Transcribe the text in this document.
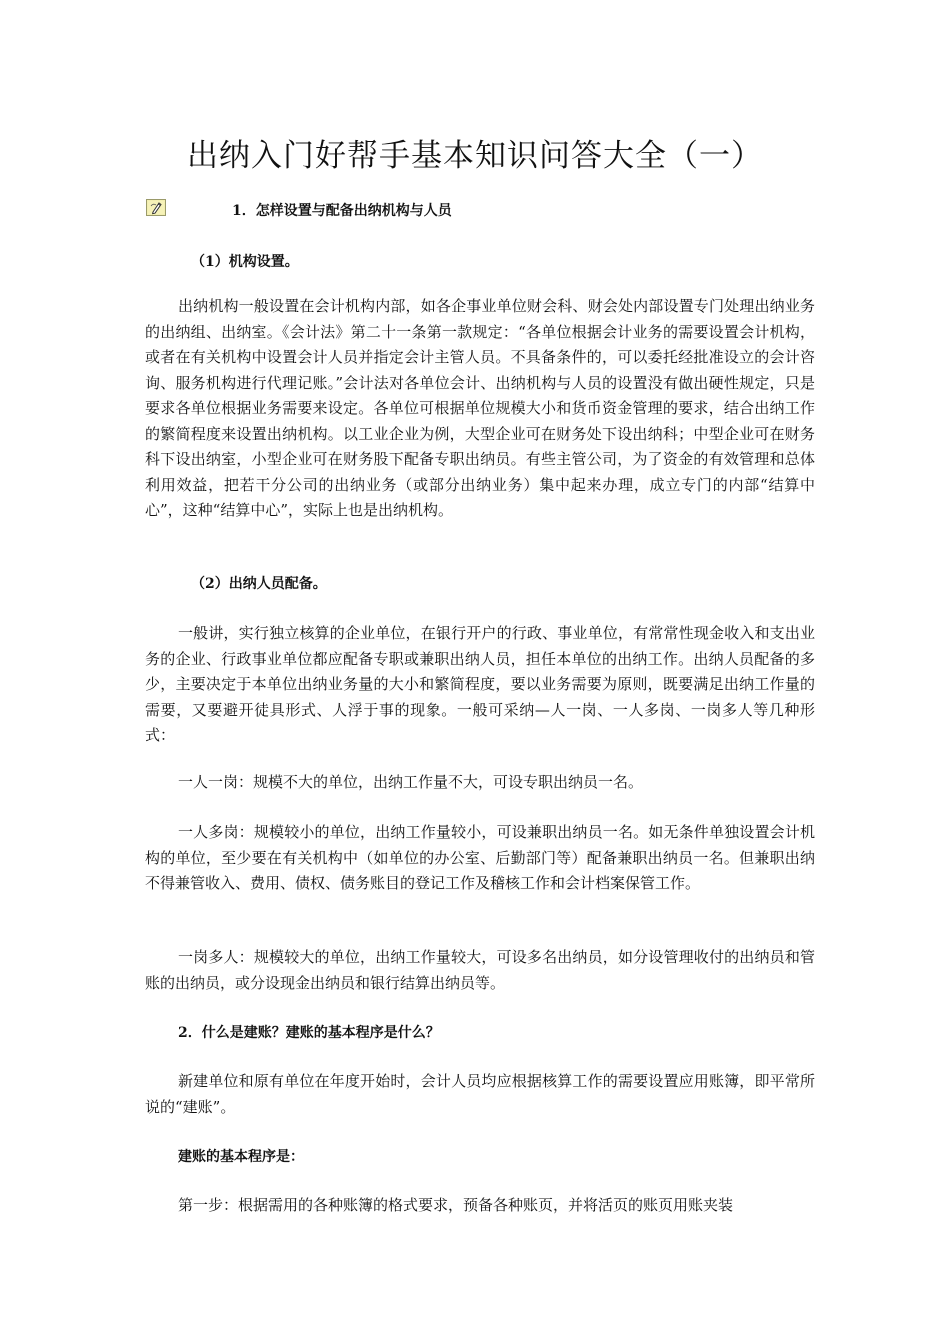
出纳入门好帮手基本知识问答大全（一）
1．怎样设置与配备出纳机构与人员
（1）机构设置。

出纳机构一般设置在会计机构内部，如各企事业单位财会科、财会处内部设置专门处理出纳业务的出纳组、出纳室。《会计法》第二十一条第一款规定：“各单位根据会计业务的需要设置会计机构，或者在有关机构中设置会计人员并指定会计主管人员。不具备条件的，可以委托经批准设立的会计咨询、服务机构进行代理记账。”会计法对各单位会计、出纳机构与人员的设置没有做出硬性规定，只是要求各单位根据业务需要来设定。各单位可根据单位规模大小和货币资金管理的要求，结合出纳工作的繁简程度来设置出纳机构。以工业企业为例，大型企业可在财务处下设出纳科；中型企业可在财务科下设出纳室，小型企业可在财务股下配备专职出纳员。有些主管公司，为了资金的有效管理和总体利用效益，把若干分公司的出纳业务（或部分出纳业务）集中起来办理，成立专门的内部“结算中心”，这种“结算中心”，实际上也是出纳机构。

（2）出纳人员配备。

一般讲，实行独立核算的企业单位，在银行开户的行政、事业单位，有常常性现金收入和支出业务的企业、行政事业单位都应配备专职或兼职出纳人员，担任本单位的出纳工作。出纳人员配备的多少，主要决定于本单位出纳业务量的大小和繁简程度，要以业务需要为原则，既要满足出纳工作量的需要，又要避开徒具形式、人浮于事的现象。一般可采纳—人一岗、一人多岗、一岗多人等几种形式：

一人一岗：规模不大的单位，出纳工作量不大，可设专职出纳员一名。

一人多岗：规模较小的单位，出纳工作量较小，可设兼职出纳员一名。如无条件单独设置会计机构的单位，至少要在有关机构中（如单位的办公室、后勤部门等）配备兼职出纳员一名。但兼职出纳不得兼管收入、费用、债权、债务账目的登记工作及稽核工作和会计档案保管工作。

一岗多人：规模较大的单位，出纳工作量较大，可设多名出纳员，如分设管理收付的出纳员和管账的出纳员，或分设现金出纳员和银行结算出纳员等。

2．什么是建账？建账的基本程序是什么？

新建单位和原有单位在年度开始时，会计人员均应根据核算工作的需要设置应用账簿，即平常所说的“建账”。

建账的基本程序是：

第一步：根据需用的各种账簿的格式要求，预备各种账页，并将活页的账页用账夹装
